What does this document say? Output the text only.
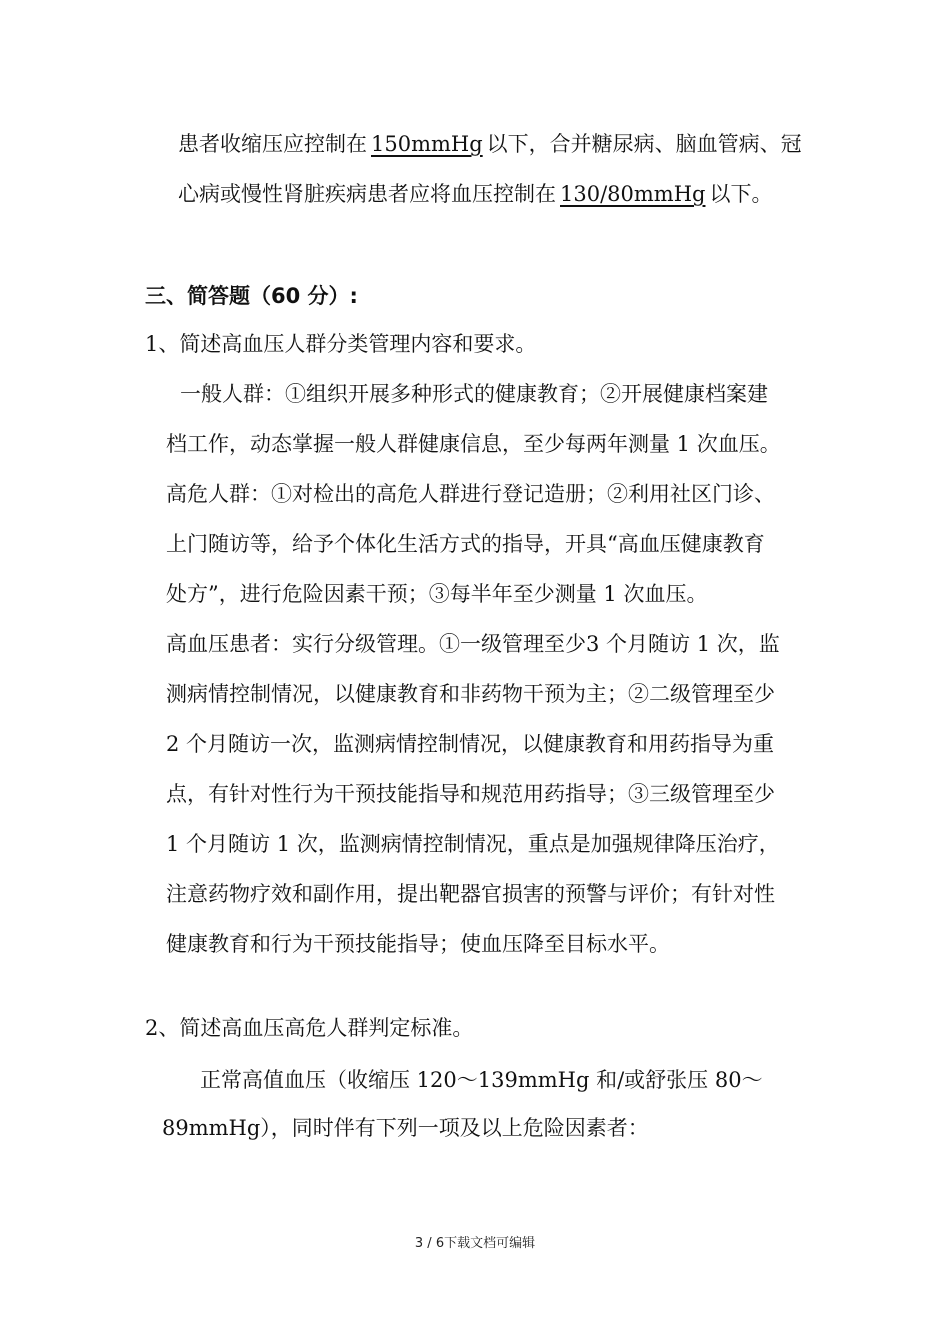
患者收缩压应控制在 150mmHg 以下，合并糖尿病、脑血管病、冠
心病或慢性肾脏疾病患者应将血压控制在 130/80mmHg 以下。
三、简答题（60 分）:
1、简述高血压人群分类管理内容和要求。
一般人群：①组织开展多种形式的健康教育；②开展健康档案建
档工作，动态掌握一般人群健康信息，至少每两年测量 1 次血压。
高危人群：①对检出的高危人群进行登记造册；②利用社区门诊、
上门随访等，给予个体化生活方式的指导，开具“高血压健康教育
处方”，进行危险因素干预；③每半年至少测量 1 次血压。
高血压患者：实行分级管理。①一级管理至少3 个月随访 1 次，监
测病情控制情况，以健康教育和非药物干预为主；②二级管理至少
2 个月随访一次，监测病情控制情况，以健康教育和用药指导为重
点，有针对性行为干预技能指导和规范用药指导；③三级管理至少
1 个月随访 1 次，监测病情控制情况，重点是加强规律降压治疗，
注意药物疗效和副作用，提出靶器官损害的预警与评价；有针对性
健康教育和行为干预技能指导；使血压降至目标水平。
2、简述高血压高危人群判定标准。
正常高值血压（收缩压 120～139mmHg 和/或舒张压 80～
89mmHg），同时伴有下列一项及以上危险因素者：
3 / 6下载文档可编辑
